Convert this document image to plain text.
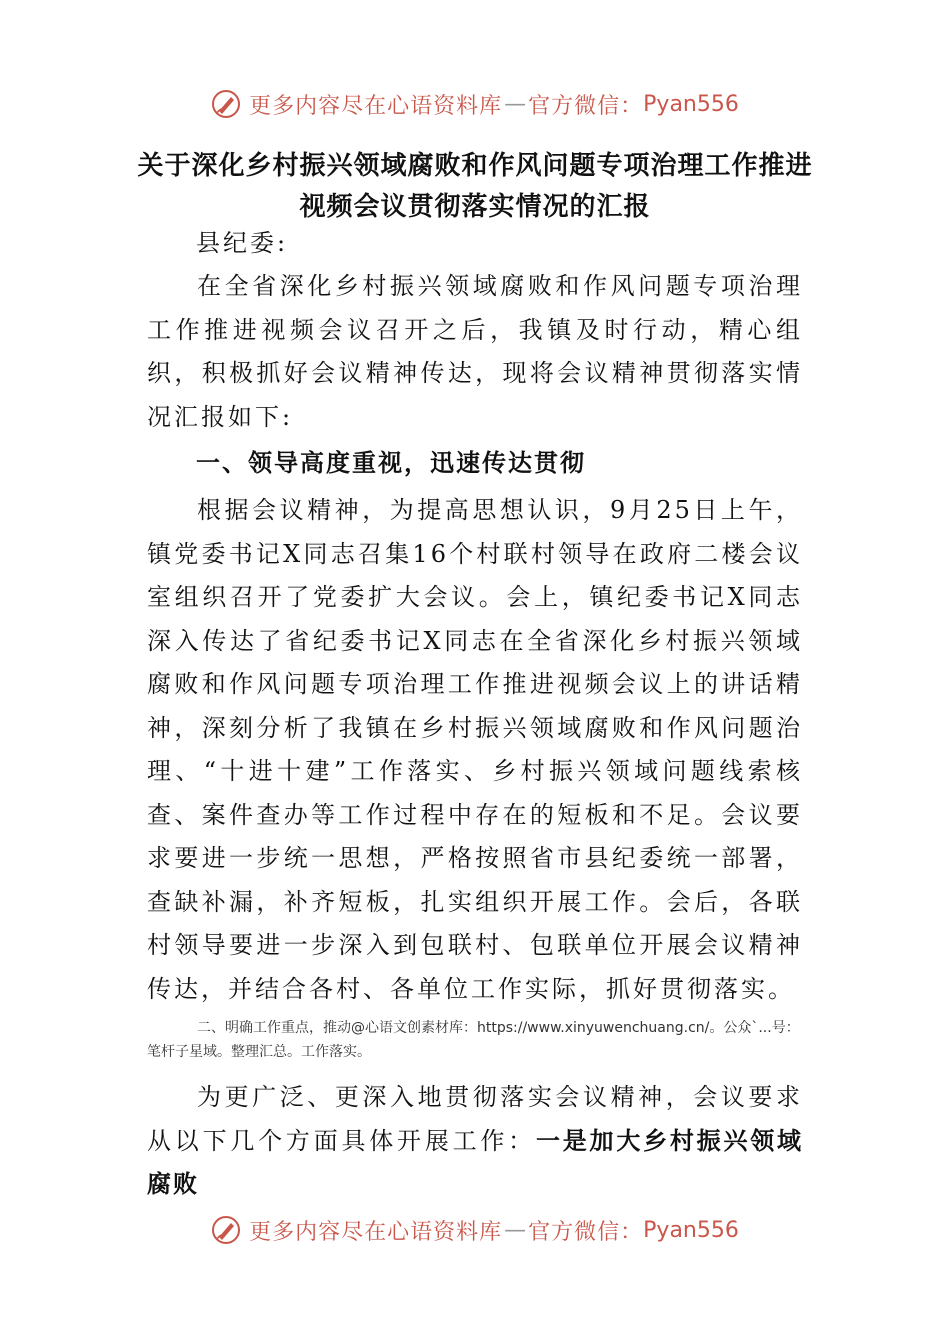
更多内容尽在心语资料库 — 官方微信： Pyan556
关于深化乡村振兴领域腐败和作风问题专项治理工作推进
视频会议贯彻落实情况的汇报

县纪委:

在全省深化乡村振兴领域腐败和作风问题专项治理工作推进视频会议召开之后，我镇及时行动，精心组织，积极抓好会议精神传达，现将会议精神贯彻落实情况汇报如下:

一、领导高度重视，迅速传达贯彻

根据会议精神，为提高思想认识，9月25日上午，镇党委书记X同志召集16个村联村领导在政府二楼会议室组织召开了党委扩大会议。会上，镇纪委书记X同志深入传达了省纪委书记X同志在全省深化乡村振兴领域腐败和作风问题专项治理工作推进视频会议上的讲话精神，深刻分析了我镇在乡村振兴领域腐败和作风问题治理、“十进十建”工作落实、乡村振兴领域问题线索核查、案件查办等工作过程中存在的短板和不足。会议要求要进一步统一思想，严格按照省市县纪委统一部署，查缺补漏，补齐短板，扎实组织开展工作。会后，各联村领导要进一步深入到包联村、包联单位开展会议精神传达，并结合各村、各单位工作实际，抓好贯彻落实。

二、明确工作重点，推动@心语文创素材库：https://www.xinyuwenchuang.cn/。公众`...号：笔杆子星域。整理汇总。工作落实。

为更广泛、更深入地贯彻落实会议精神，会议要求从以下几个方面具体开展工作：一是加大乡村振兴领域腐败

更多内容尽在心语资料库 — 官方微信： Pyan556
